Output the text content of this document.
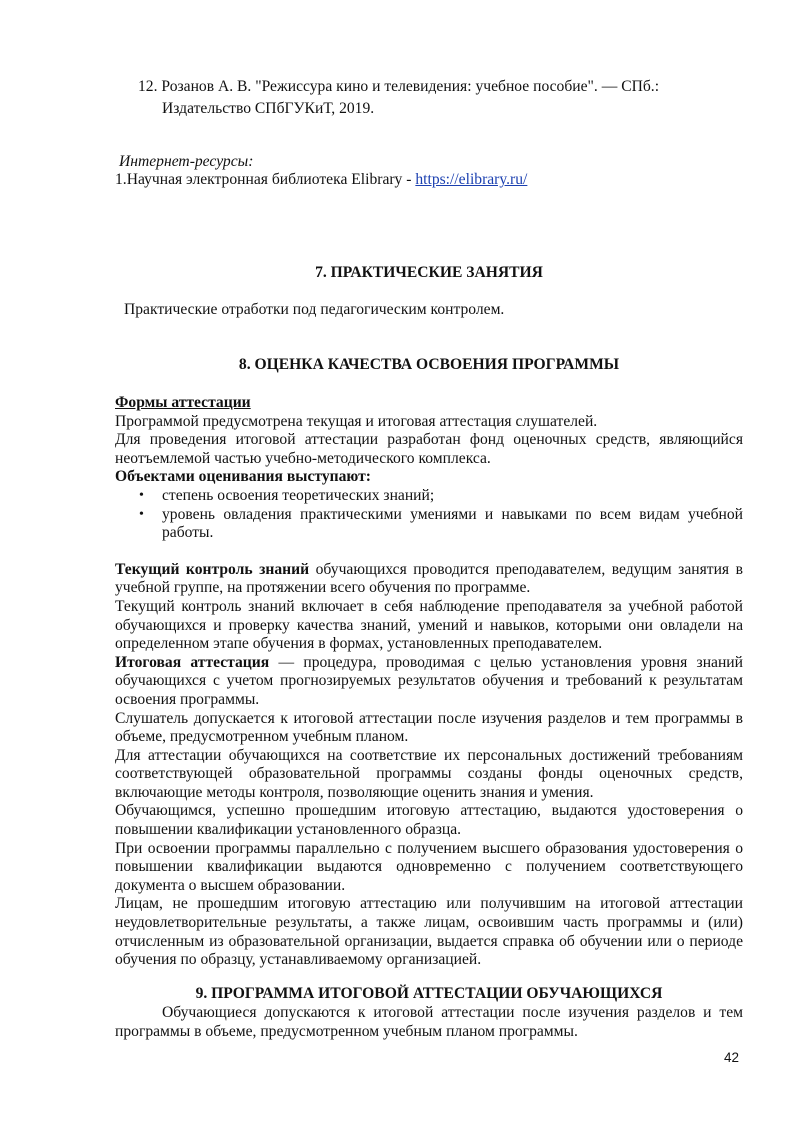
12. Розанов А. В. "Режиссура кино и телевидения: учебное пособие". — СПб.:
Издательство СПбГУКиТ, 2019.
Интернет-ресурсы:
1.Научная электронная библиотека Elibrary - https://elibrary.ru/
7. ПРАКТИЧЕСКИЕ ЗАНЯТИЯ
Практические отработки под педагогическим контролем.
8. ОЦЕНКА КАЧЕСТВА ОСВОЕНИЯ ПРОГРАММЫ

Формы аттестации

Программой предусмотрена текущая и итоговая аттестация слушателей.

Для проведения итоговой аттестации разработан фонд оценочных средств, являющийся неотъемлемой частью учебно-методического комплекса.

Объектами оценивания выступают:

• степень освоения теоретических знаний;
• уровень овладения практическими умениями и навыками по всем видам учебной работы.

Текущий контроль знаний обучающихся проводится преподавателем, ведущим занятия в учебной группе, на протяжении всего обучения по программе.

Текущий контроль знаний включает в себя наблюдение преподавателя за учебной работой обучающихся и проверку качества знаний, умений и навыков, которыми они овладели на определенном этапе обучения в формах, установленных преподавателем.

Итоговая аттестация — процедура, проводимая с целью установления уровня знаний обучающихся с учетом прогнозируемых результатов обучения и требований к результатам освоения программы.

Слушатель допускается к итоговой аттестации после изучения разделов и тем программы в объеме, предусмотренном учебным планом.

Для аттестации обучающихся на соответствие их персональных достижений требованиям соответствующей образовательной программы созданы фонды оценочных средств, включающие методы контроля, позволяющие оценить знания и умения.

Обучающимся, успешно прошедшим итоговую аттестацию, выдаются удостоверения о повышении квалификации установленного образца.

При освоении программы параллельно с получением высшего образования удостоверения о повышении квалификации выдаются одновременно с получением соответствующего документа о высшем образовании.

Лицам, не прошедшим итоговую аттестацию или получившим на итоговой аттестации неудовлетворительные результаты, а также лицам, освоившим часть программы и (или) отчисленным из образовательной организации, выдается справка об обучении или о периоде обучения по образцу, устанавливаемому организацией.

9. ПРОГРАММА ИТОГОВОЙ АТТЕСТАЦИИ ОБУЧАЮЩИХСЯ
Обучающиеся допускаются к итоговой аттестации после изучения разделов и тем программы в объеме, предусмотренном учебным планом программы.
42
